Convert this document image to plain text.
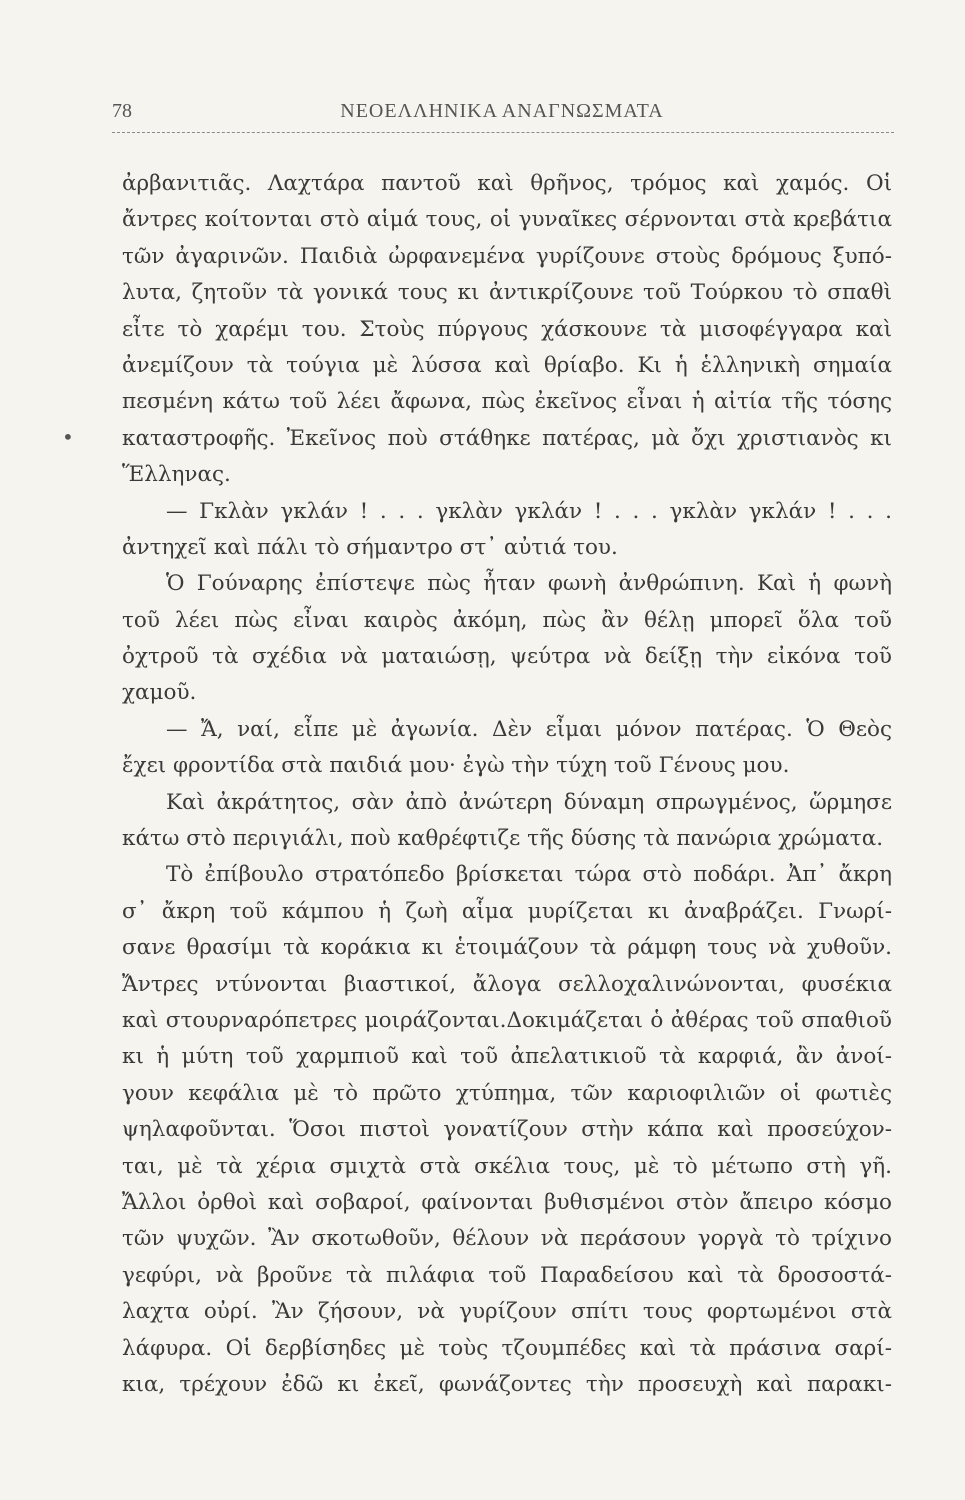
78	ΝΕΟΕΛΛΗΝΙΚΑ ΑΝΑΓΝΩΣΜΑΤΑ
•
ἀρβανιτιᾶς. Λαχτάρα παντοῦ καὶ θρῆνος, τρόμος καὶ χαμός. Οἱ
ἄντρες κοίτονται στὸ αἱμά τους, οἱ γυναῖκες σέρνονται στὰ κρεβάτια
τῶν ἀγαρινῶν. Παιδιὰ ὠρφανεμένα γυρίζουνε στοὺς δρόμους ξυπό-
λυτα, ζητοῦν τὰ γονικά τους κι ἀντικρίζουνε τοῦ Τούρκου τὸ σπαθὶ
εἶτε τὸ χαρέμι του. Στοὺς πύργους χάσκουνε τὰ μισοφέγγαρα καὶ
ἀνεμίζουν τὰ τούγια μὲ λύσσα καὶ θρίαβο. Κι ἡ ἑλληνικὴ σημαία
πεσμένη κάτω τοῦ λέει ἄφωνα, πὼς ἐκεῖνος εἶναι ἡ αἰτία τῆς τόσης
καταστροφῆς. Ἐκεῖνος ποὺ στάθηκε πατέρας, μὰ ὄχι χριστιανὸς κι
Ἕλληνας.
— Γκλὰν γκλάν ! . . . γκλὰν γκλάν ! . . . γκλὰν γκλάν ! . . .
ἀντηχεῖ καὶ πάλι τὸ σήμαντρο στ᾿ αὐτιά του.
Ὁ Γούναρης ἐπίστεψε πὼς ἦταν φωνὴ ἀνθρώπινη. Καὶ ἡ φωνὴ
τοῦ λέει πὼς εἶναι καιρὸς ἀκόμη, πὼς ἂν θέλῃ μπορεῖ ὅλα τοῦ
ὀχτροῦ τὰ σχέδια νὰ ματαιώσῃ, ψεύτρα νὰ δείξῃ τὴν εἰκόνα τοῦ
χαμοῦ.
— Ἄ, ναί, εἶπε μὲ ἀγωνία. Δὲν εἶμαι μόνον πατέρας. Ὁ Θεὸς
ἔχει φροντίδα στὰ παιδιά μου· ἐγὼ τὴν τύχη τοῦ Γένους μου.
Καὶ ἀκράτητος, σὰν ἀπὸ ἀνώτερη δύναμη σπρωγμένος, ὥρμησε
κάτω στὸ περιγιάλι, ποὺ καθρέφτιζε τῆς δύσης τὰ πανώρια χρώματα.
Τὸ ἐπίβουλο στρατόπεδο βρίσκεται τώρα στὸ ποδάρι. Ἀπ᾿ ἄκρη
σ᾿ ἄκρη τοῦ κάμπου ἡ ζωὴ αἷμα μυρίζεται κι ἀναβράζει. Γνωρί-
σανε θρασίμι τὰ κοράκια κι ἑτοιμάζουν τὰ ράμφη τους νὰ χυθοῦν.
Ἄντρες ντύνονται βιαστικοί, ἄλογα σελλοχαλινώνονται, φυσέκια
καὶ στουρναρόπετρες μοιράζονται.Δοκιμάζεται ὁ ἀθέρας τοῦ σπαθιοῦ
κι ἡ μύτη τοῦ χαρμπιοῦ καὶ τοῦ ἀπελατικιοῦ τὰ καρφιά, ἂν ἀνοί-
γουν κεφάλια μὲ τὸ πρῶτο χτύπημα, τῶν καριοφιλιῶν οἱ φωτιὲς
ψηλαφοῦνται. Ὅσοι πιστοὶ γονατίζουν στὴν κάπα καὶ προσεύχον-
ται, μὲ τὰ χέρια σμιχτὰ στὰ σκέλια τους, μὲ τὸ μέτωπο στὴ γῆ.
Ἄλλοι ὀρθοὶ καὶ σοβαροί, φαίνονται βυθισμένοι στὸν ἄπειρο κόσμο
τῶν ψυχῶν. Ἂν σκοτωθοῦν, θέλουν νὰ περάσουν γοργὰ τὸ τρίχινο
γεφύρι, νὰ βροῦνε τὰ πιλάφια τοῦ Παραδείσου καὶ τὰ δροσοστά-
λαχτα οὐρί. Ἂν ζήσουν, νὰ γυρίζουν σπίτι τους φορτωμένοι στὰ
λάφυρα. Οἱ δερβίσηδες μὲ τοὺς τζουμπέδες καὶ τὰ πράσινα σαρί-
κια, τρέχουν ἐδῶ κι ἐκεῖ, φωνάζοντες τὴν προσευχὴ καὶ παρακι-
